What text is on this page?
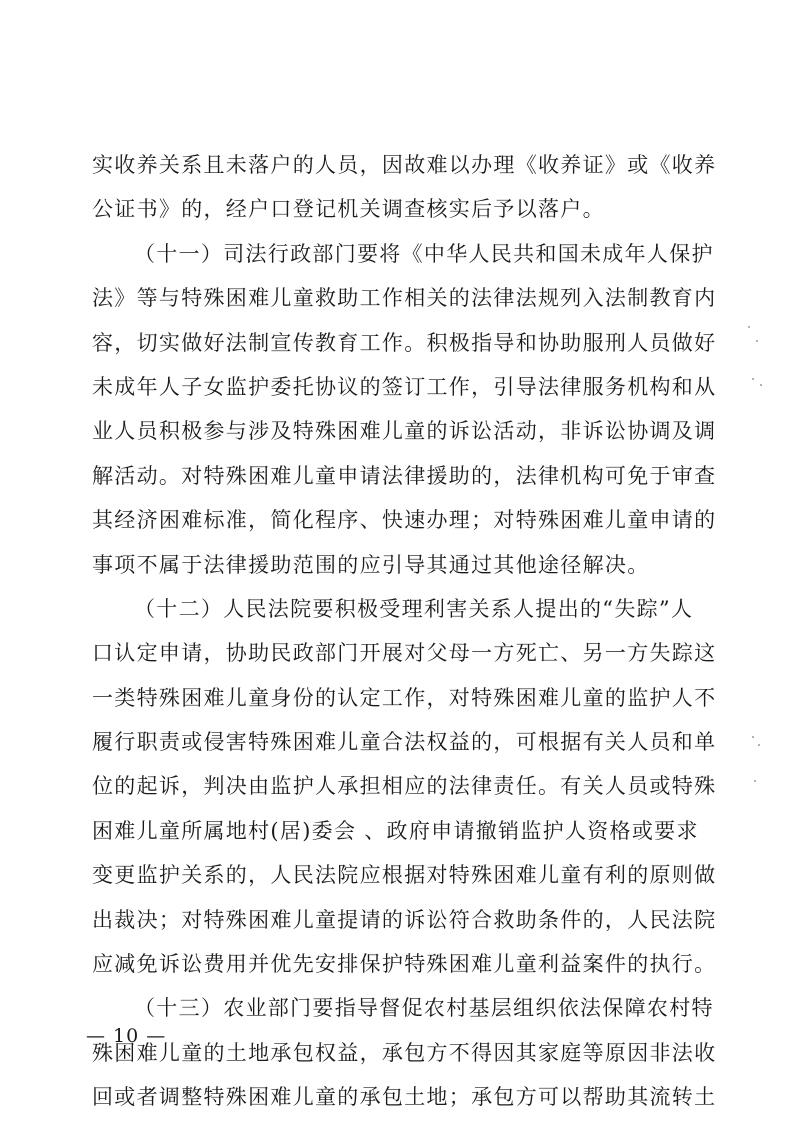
实收养关系且未落户的人员，因故难以办理《收养证》或《收养
公证书》的，经户口登记机关调查核实后予以落户。
（十一）司法行政部门要将《中华人民共和国未成年人保护
法》等与特殊困难儿童救助工作相关的法律法规列入法制教育内
容，切实做好法制宣传教育工作。积极指导和协助服刑人员做好
未成年人子女监护委托协议的签订工作，引导法律服务机构和从
业人员积极参与涉及特殊困难儿童的诉讼活动，非诉讼协调及调
解活动。对特殊困难儿童申请法律援助的，法律机构可免于审查
其经济困难标准，简化程序、快速办理；对特殊困难儿童申请的
事项不属于法律援助范围的应引导其通过其他途径解决。
（十二）人民法院要积极受理利害关系人提出的“失踪”人
口认定申请，协助民政部门开展对父母一方死亡、另一方失踪这
一类特殊困难儿童身份的认定工作，对特殊困难儿童的监护人不
履行职责或侵害特殊困难儿童合法权益的，可根据有关人员和单
位的起诉，判决由监护人承担相应的法律责任。有关人员或特殊
困难儿童所属地村(居)委会 、政府申请撤销监护人资格或要求
变更监护关系的，人民法院应根据对特殊困难儿童有利的原则做
出裁决；对特殊困难儿童提请的诉讼符合救助条件的，人民法院
应减免诉讼费用并优先安排保护特殊困难儿童利益案件的执行。
（十三）农业部门要指导督促农村基层组织依法保障农村特
殊困难儿童的土地承包权益，承包方不得因其家庭等原因非法收
回或者调整特殊困难儿童的承包土地；承包方可以帮助其流转土
— 10 —
